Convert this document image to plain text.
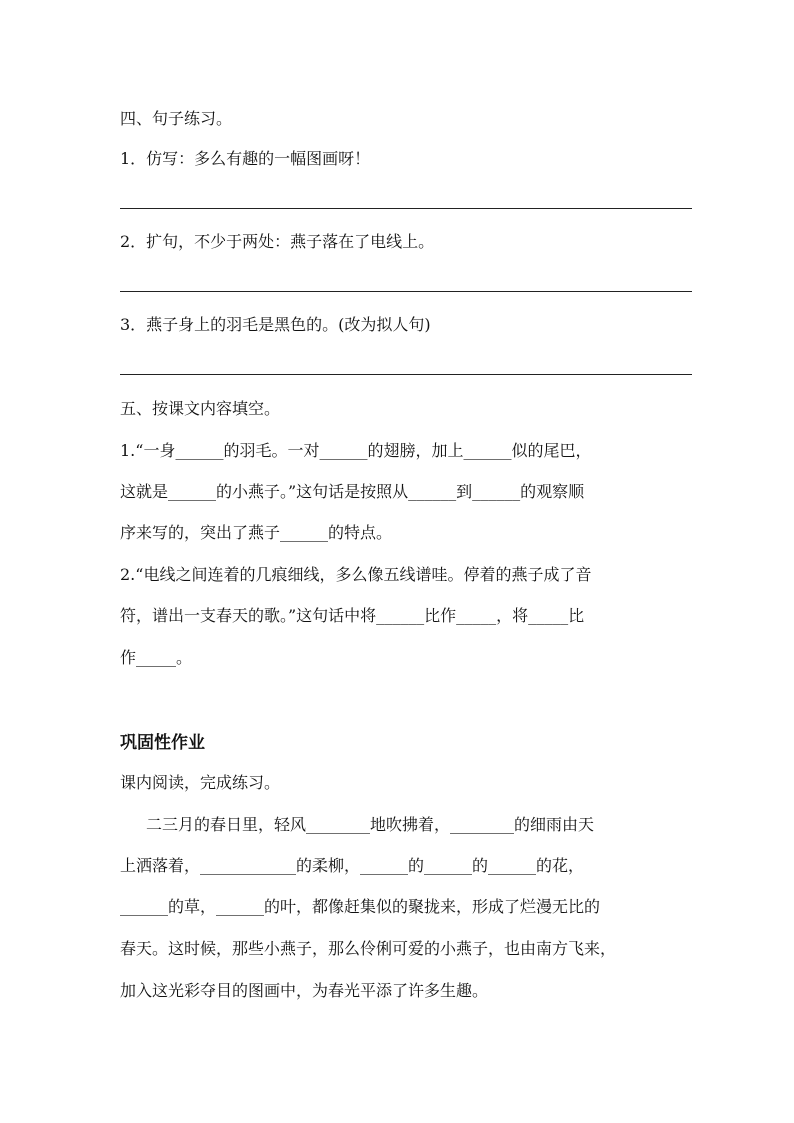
四、句子练习。
1．仿写：多么有趣的一幅图画呀！
2．扩句，不少于两处：燕子落在了电线上。
3．燕子身上的羽毛是黑色的。(改为拟人句)
五、按课文内容填空。
1.“一身______的羽毛。一对______的翅膀，加上______似的尾巴，
这就是______的小燕子。”这句话是按照从______到______的观察顺
序来写的，突出了燕子______的特点。
2.“电线之间连着的几痕细线，多么像五线谱哇。停着的燕子成了音
符，谱出一支春天的歌。”这句话中将______比作_____，将_____比
作_____。
巩固性作业
课内阅读，完成练习。
二三月的春日里，轻风________地吹拂着，________的细雨由天
上洒落着，____________的柔柳，______的______的______的花，
______的草，______的叶，都像赶集似的聚拢来，形成了烂漫无比的
春天。这时候，那些小燕子，那么伶俐可爱的小燕子，也由南方飞来，
加入这光彩夺目的图画中，为春光平添了许多生趣。
